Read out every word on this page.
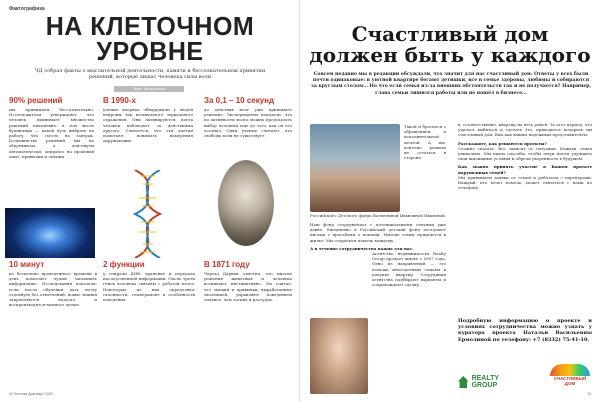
Фактографика
НА КЛЕТОЧНОМ
УРОВНЕ
ЧД собрал факты о мыслительной деятельности, памяти и бессознательном принятии решений, которые лишат человека силы воли
Текст: Автор статьи
90% решений
мы принимаем бессознательно. Исследователи утверждают, что человек принимает множество решений ежедневно: в том числе будничных — какой путь выбрать на работу, что съесть на завтрак. Большинство решений мы не обдумываем, а действуем автоматически, опираясь на прошлый опыт, привычки и эмоции.
В 1990-х
ученые впервые обнаружили у людей нейроны так называемого зеркального отражения. Они активируются, когда человек наблюдает за действиями другого. Считается, что эти клетки помогают понимать намерения окружающих.
За 0,1 – 10 секунд
до действия мозг уже принимает решение. Эксперименты показали, что по активности мозга можно предсказать выбор человека еще до того, как он его осознал. Одни ученые считают, что свободы воли не существует.
10 минут
из бесцельно проведенного времени в день помогают лучше запомнить информацию. Исследования показали: если после обучения дать мозгу отдохнуть без отвлечений, новые знания закрепляются надолго и воспроизводятся намного лучше.
2 функции
у спирали ДНК: хранение и передача наследственной информации. Около трети генов человека связаны с работой мозга. Некоторые из них определяют склонности, темперамент и особенности поведения.
В 1871 году
Чарльз Дарвин отметил, что многие решения животных и человека возникают инстинктивно. Он считал, что эмоции и привычки, выработанные эволюцией, управляют поведением сильнее, чем логика и рассудок.
12 Честная Дом март 2023
Счастливый дом
должен быть у каждого
Совсем недавно мы в редакции обсуждали, что значит для нас счастливый дом. Ответы у всех были почти одинаковые: в уютной квартире бегают детишки, все в семье здоровы, любимы и собираются за круглым столом... Но что если семья из-за внешних обстоятельств так и не получается? Например, глава семьи лишился работы или не пошёл в бизнесе...
Такой и бросился с обращением и исполнительной мечтой. А мы, конечно, решили не остаться в стороне.
Российского Детского фонда Валентиной Ивановной Ивановой.
Наш фонд сотрудничает с потенциальными семьями уже давно. Ежедневно в Российский детский фонд поступают письма с просьбами о помощи. Многие семьи нуждаются в жилье. Мы стараемся помочь каждому.
А в течение сотрудничества важна для нас.
Агентство недвижимости Realty Group продает жилье с 2007 года. Одно из направлений — это помощь многодетным семьям в покупке квартир. Сотрудники агентства подбирают варианты и сопровождают сделку.
в, соответственно, квартир на весь район. За этот период, что удалось выбиться и сделать это, приходится подарить им счастливый дом. Вам как вашим надежным представителем.
Расскажите, как решаются проекты?
Сложно сказать. Все зависит от ситуации. Каждая семья уникальна. Мы ищем способы, чтобы люди могли улучшить свои жилищные условия и обрели уверенность в будущем.
Как можно принять участие в Вашем проекте нарушенных семей?
Мы принимаем заявки от семей и работаем с партнерами. Каждый, кто хочет помочь, может связаться с нами по телефону.
Подробную информацию о проекте и условиях сотрудничества можно узнать у куратора проекта Натальи Васильевны Ермолиной по телефону: +7 (8332) 75-41-10.
REALTY GROUP
СЧАСТЛИВЫЙ
ДОМ
13
